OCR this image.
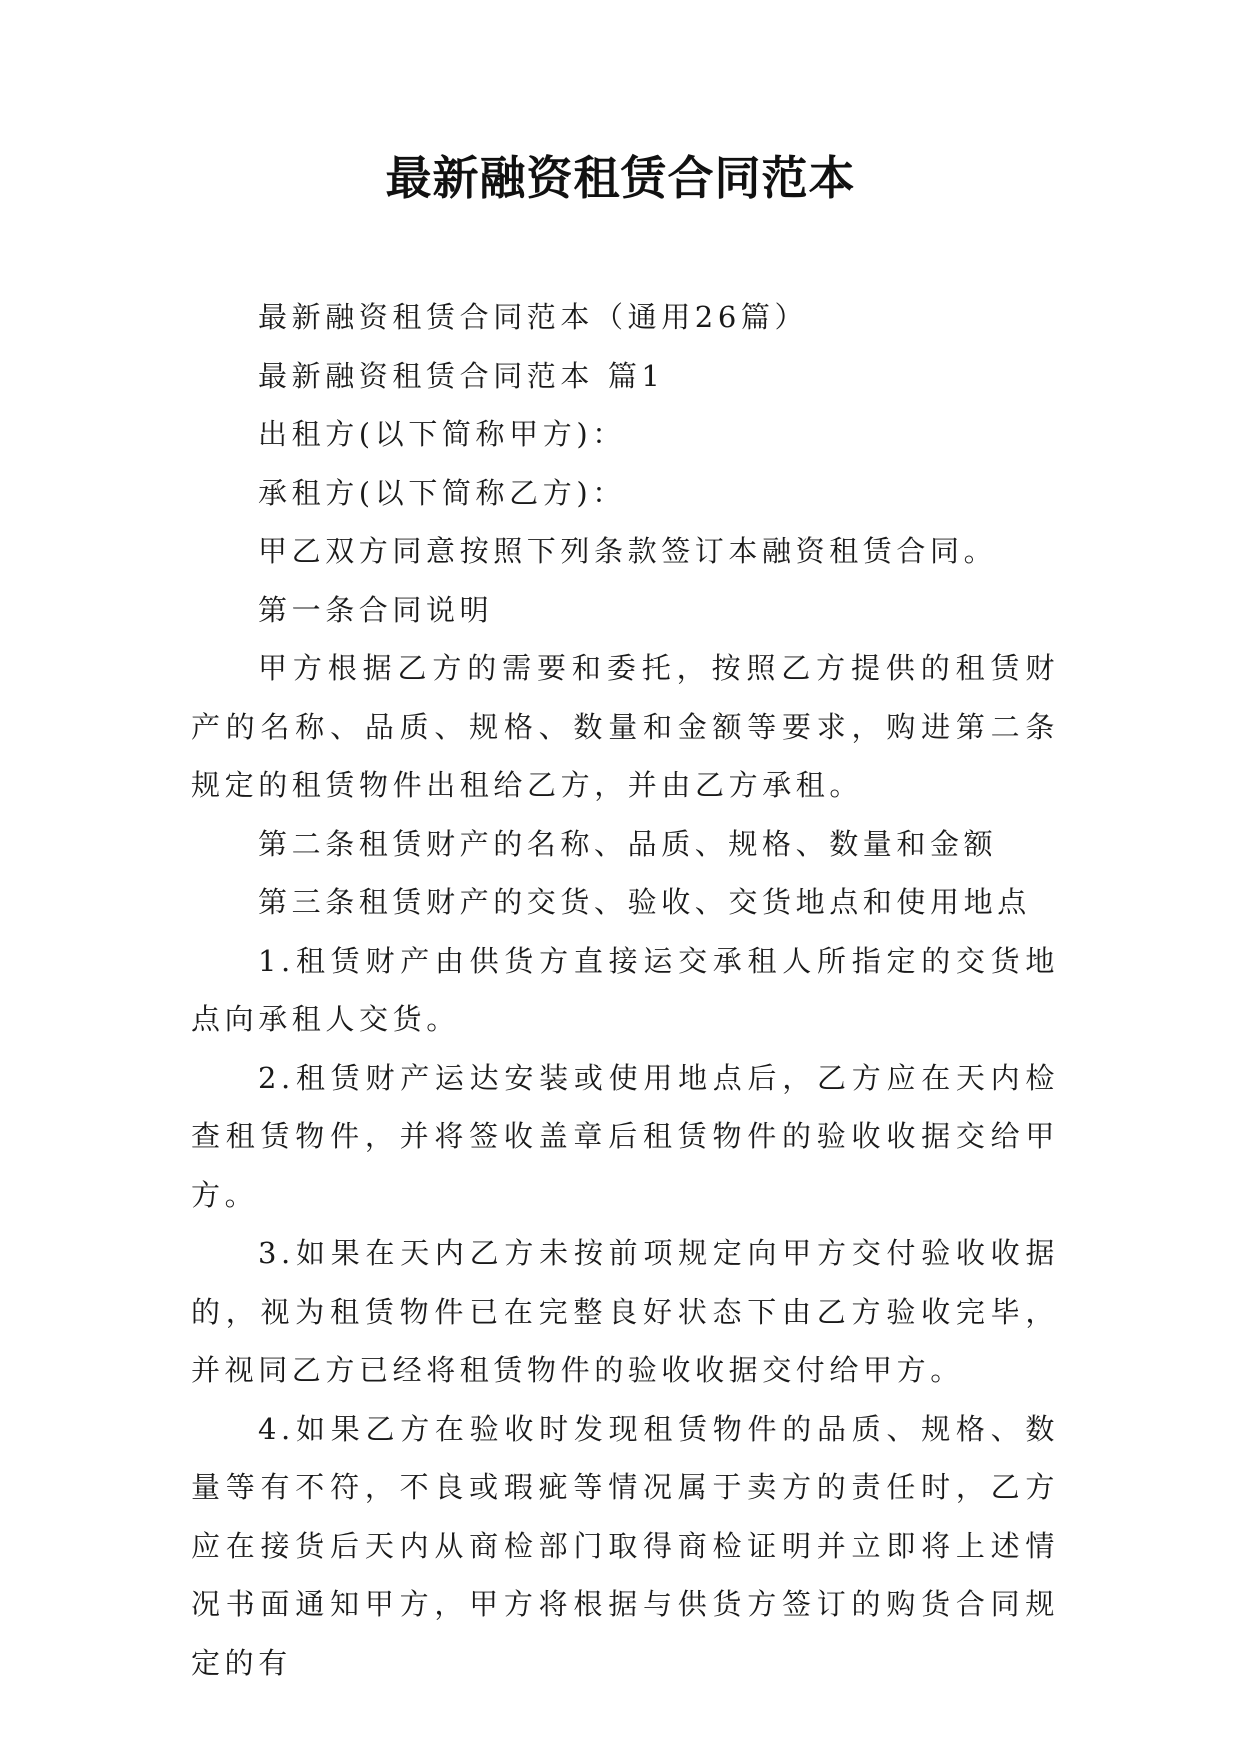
最新融资租赁合同范本

最新融资租赁合同范本（通用26篇）

最新融资租赁合同范本 篇1

出租方(以下简称甲方)：

承租方(以下简称乙方)：

甲乙双方同意按照下列条款签订本融资租赁合同。

第一条合同说明

甲方根据乙方的需要和委托，按照乙方提供的租赁财产的名称、品质、规格、数量和金额等要求，购进第二条规定的租赁物件出租给乙方，并由乙方承租。

第二条租赁财产的名称、品质、规格、数量和金额

第三条租赁财产的交货、验收、交货地点和使用地点

1.租赁财产由供货方直接运交承租人所指定的交货地点向承租人交货。

2.租赁财产运达安装或使用地点后，乙方应在天内检查租赁物件，并将签收盖章后租赁物件的验收收据交给甲方。

3.如果在天内乙方未按前项规定向甲方交付验收收据的，视为租赁物件已在完整良好状态下由乙方验收完毕，并视同乙方已经将租赁物件的验收收据交付给甲方。

4.如果乙方在验收时发现租赁物件的品质、规格、数量等有不符，不良或瑕疵等情况属于卖方的责任时，乙方应在接货后天内从商检部门取得商检证明并立即将上述情况书面通知甲方，甲方将根据与供货方签订的购货合同规定的有
